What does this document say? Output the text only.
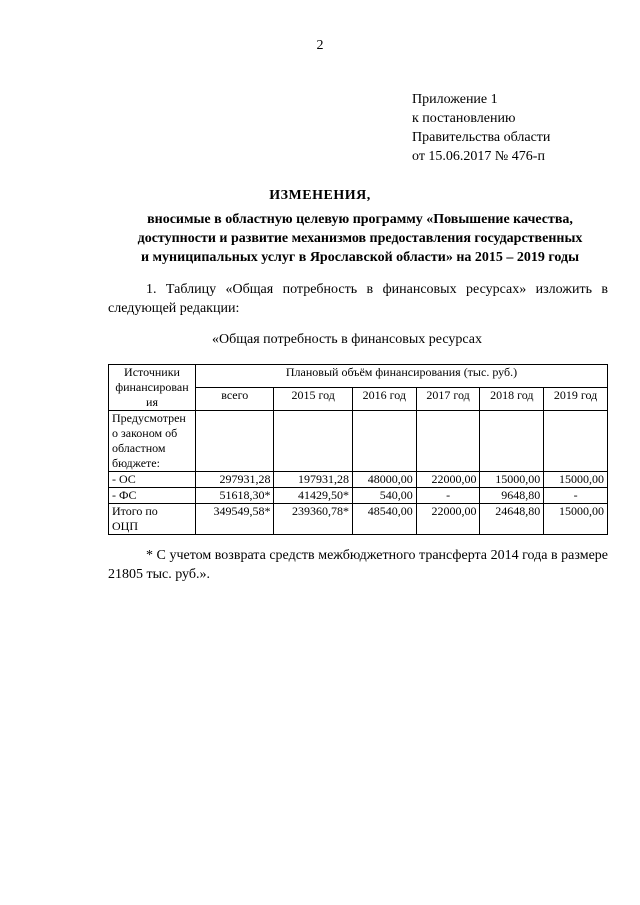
2
Приложение 1
к постановлению
Правительства области
от 15.06.2017 № 476-п
ИЗМЕНЕНИЯ,
вносимые в областную целевую программу «Повышение качества,
доступности и развитие механизмов предоставления государственных
и муниципальных услуг в Ярославской области» на 2015 – 2019 годы
1. Таблицу «Общая потребность в финансовых ресурсах» изложить в следующей редакции:
«Общая потребность в финансовых ресурсах
Источники
финансирован
ия	Плановый объём финансирования (тыс. руб.)					
	всего	2015 год	2016 год	2017 год	2018 год	2019 год

Предусмотрен
о законом об
областном
бюджете:						

- ОС	297931,28	197931,28	48000,00	22000,00	15000,00	15000,00

- ФС	51618,30*	41429,50*	540,00	-	9648,80	-

Итого по
ОЦП	349549,58*	239360,78*	48540,00	22000,00	24648,80	15000,00
* С учетом возврата средств межбюджетного трансферта 2014 года в размере 21805 тыс. руб.».
